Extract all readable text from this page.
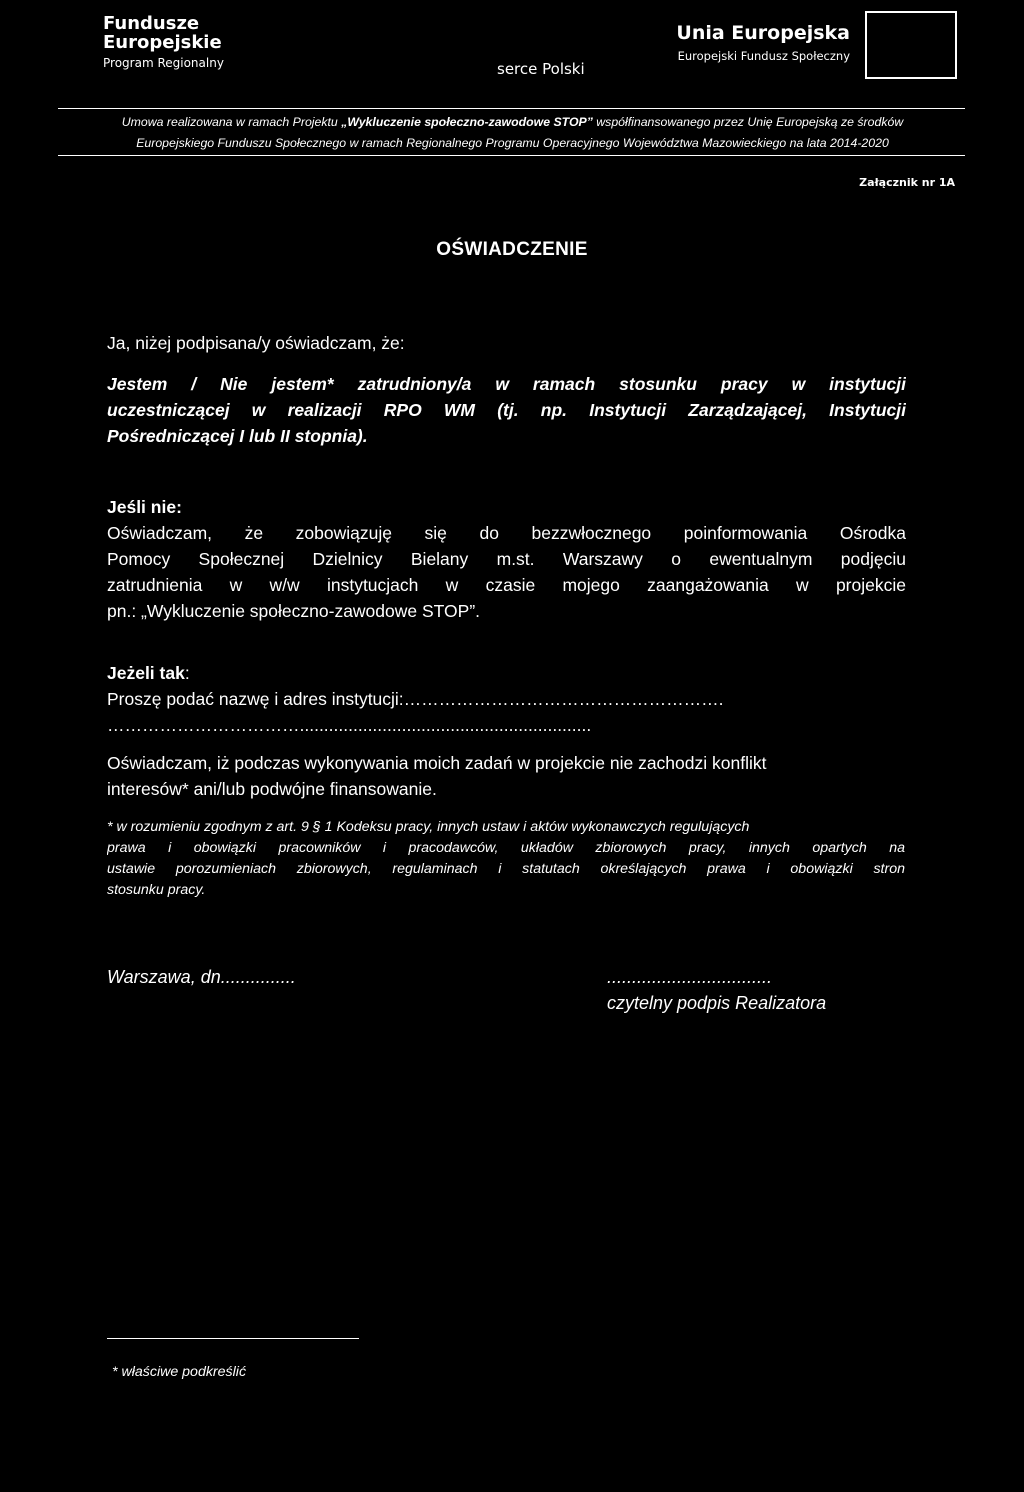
Fundusze
Europejskie
Program Regionalny	serce Polski
Unia Europejska
Europejski Fundusz Społeczny
Umowa realizowana w ramach Projektu „Wykluczenie społeczno-zawodowe STOP” współfinansowanego przez Unię Europejską ze środków
Europejskiego Funduszu Społecznego w ramach Regionalnego Programu Operacyjnego Województwa Mazowieckiego na lata 2014-2020
Załącznik nr 1A
OŚWIADCZENIE
Ja, niżej podpisana/y oświadczam, że:
Jestem / Nie jestem* zatrudniony/a w ramach stosunku pracy w instytucji
uczestniczącej w realizacji RPO WM (tj. np. Instytucji Zarządzającej, Instytucji
Pośredniczącej I lub II stopnia).
Jeśli nie:
Oświadczam, że zobowiązuję się do bezzwłocznego poinformowania Ośrodka
Pomocy Społecznej Dzielnicy Bielany m.st. Warszawy o ewentualnym podjęciu
zatrudnienia w w/w instytucjach w czasie mojego zaangażowania w projekcie
pn.: „Wykluczenie społeczno-zawodowe STOP”.
Jeżeli tak:
Proszę podać nazwę i adres instytucji:……………………………………………….
……………………………............................................................
Oświadczam, iż podczas wykonywania moich zadań w projekcie nie zachodzi konflikt
interesów* ani/lub podwójne finansowanie.
* w rozumieniu zgodnym z art. 9 § 1 Kodeksu pracy, innych ustaw i aktów wykonawczych regulujących
prawa i obowiązki pracowników i pracodawców, układów zbiorowych pracy, innych opartych na
ustawie porozumieniach zbiorowych, regulaminach i statutach określających prawa i obowiązki stron
stosunku pracy.
Warszawa, dn...............	.................................
czytelny podpis Realizatora
* właściwe podkreślić
